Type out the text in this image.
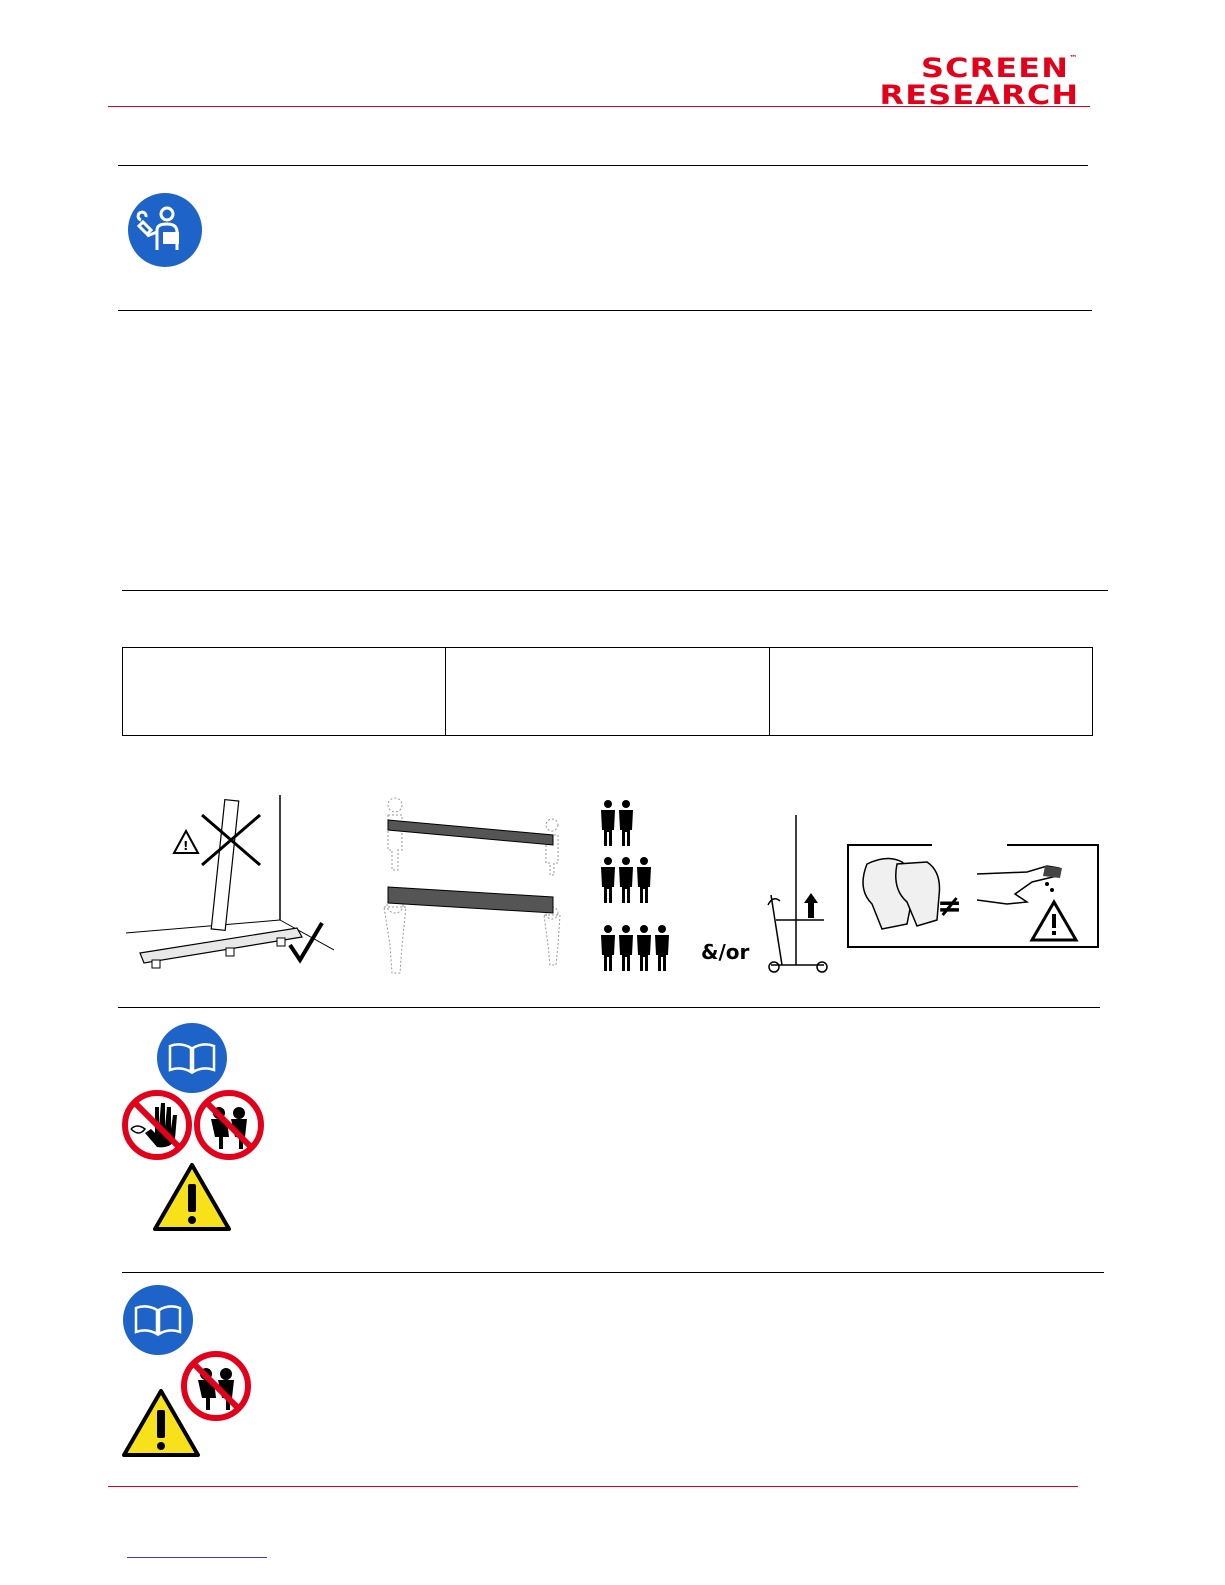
SCREEN™
RESEARCH

!
&/or
≠
